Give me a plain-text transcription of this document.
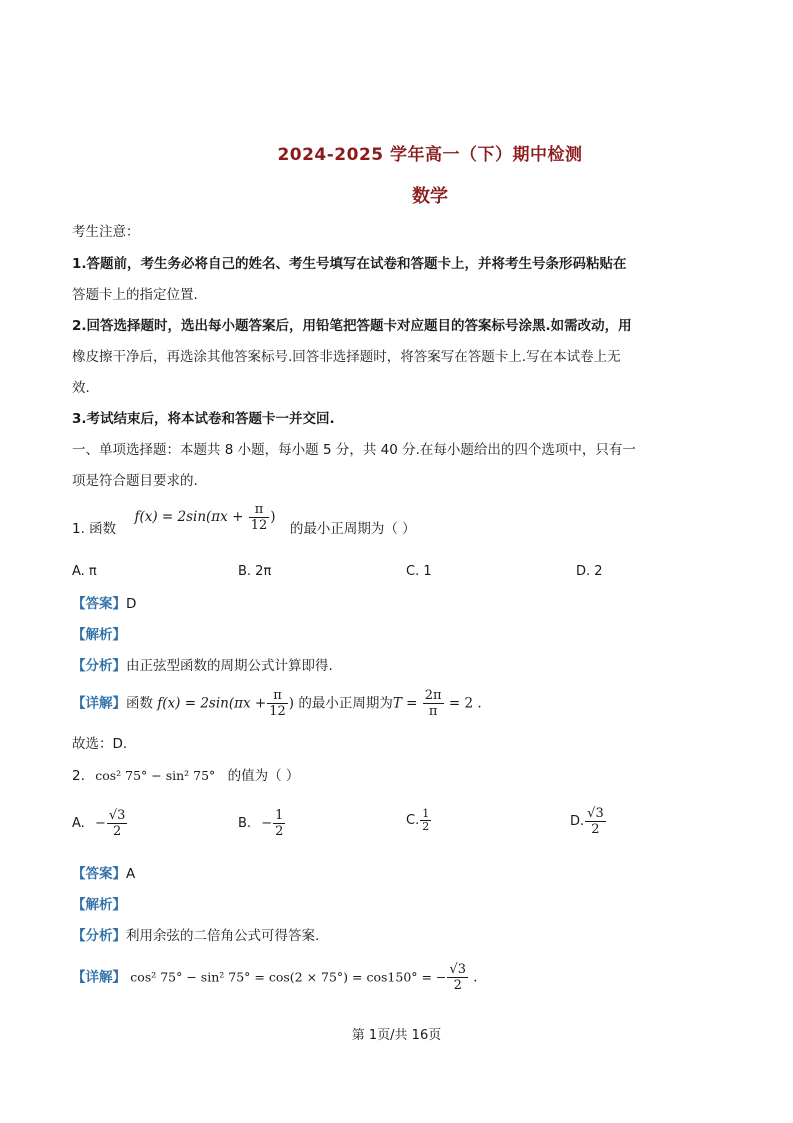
2024-2025 学年高一（下）期中检测
数学
考生注意：
1.答题前，考生务必将自己的姓名、考生号填写在试卷和答题卡上，并将考生号条形码粘贴在
答题卡上的指定位置.
2.回答选择题时，选出每小题答案后，用铅笔把答题卡对应题目的答案标号涂黑.如需改动，用
橡皮擦干净后，再选涂其他答案标号.回答非选择题时，将答案写在答题卡上.写在本试卷上无
效.
3.考试结束后，将本试卷和答题卡一并交回.
一、单项选择题：本题共 8 小题，每小题 5 分，共 40 分.在每小题给出的四个选项中，只有一
项是符合题目要求的.
1. 函数 $f(x) = 2\sin(\pi x + \frac{\pi}{12}$ ) 的最小正周期为（ ）
A. π	B. 2π	C. 1	D. 2
【答案】D
【解析】
【分析】由正弦型函数的周期公式计算即得.
【详解】函数 $f(x) = 2\sin(\pi x + \frac{\pi}{12}$ ) 的最小正周期为$T = \frac{2\pi}{\pi} = 2$ .
故选：D.
2. cos² 75° − sin² 75° 的值为（ ）
A. − $\frac{√3}{2}$	B. − $\frac{1}{2}$	C. $\frac{1}{2}$	D. $\frac{√3}{2}$
【答案】A
【解析】
【分析】利用余弦的二倍角公式可得答案.
【详解】 cos² 75° − sin² 75° = cos(2 × 75°) = cos150° = − $\frac{√3}{2}$ .
第 1页/共 16页
